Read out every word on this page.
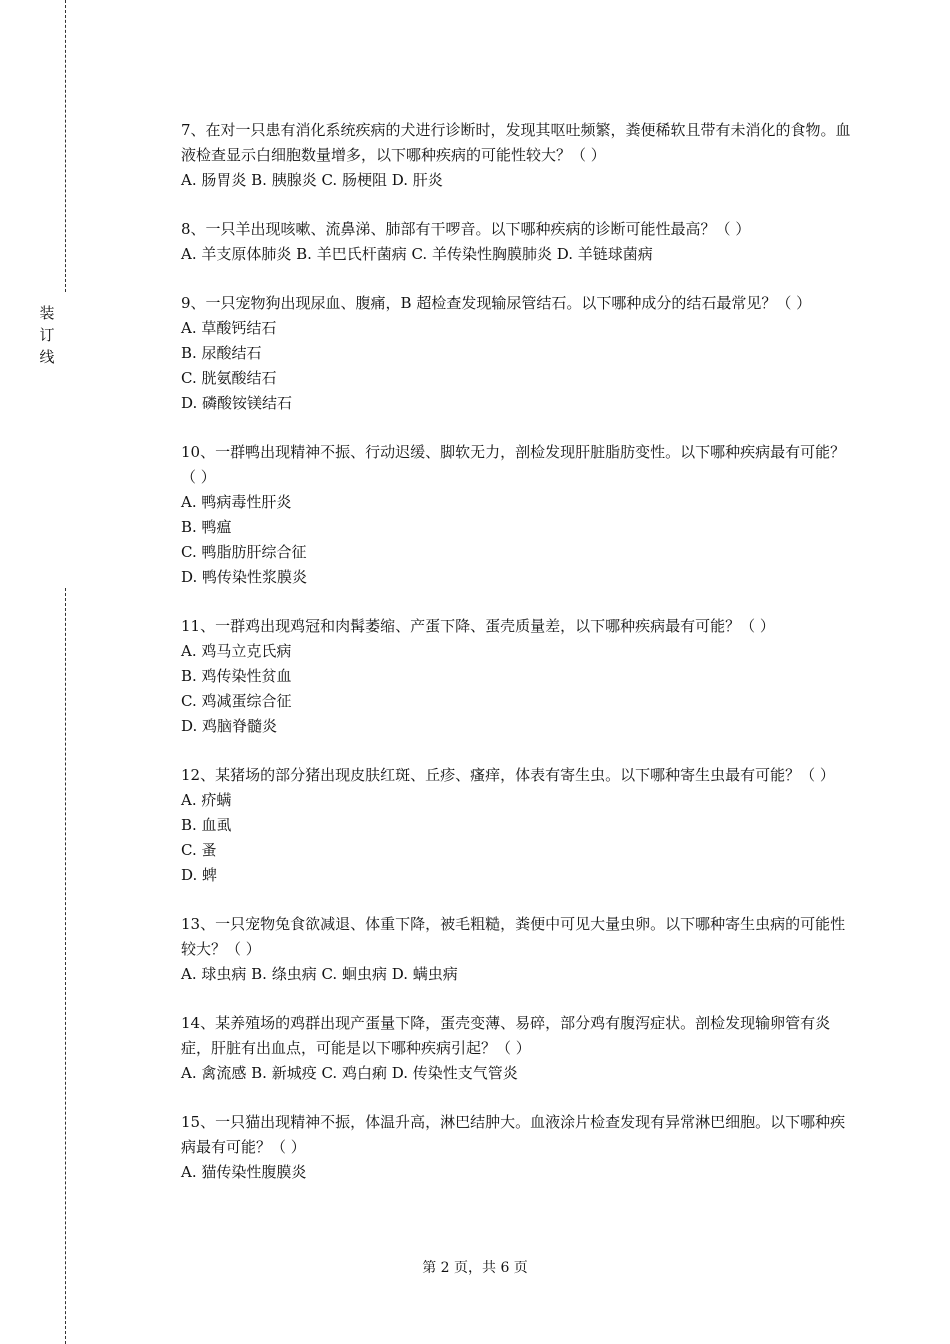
装
订
线

7、在对一只患有消化系统疾病的犬进行诊断时，发现其呕吐频繁，粪便稀软且带有未消化的食物。血液检查显示白细胞数量增多，以下哪种疾病的可能性较大？（ ）

A. 肠胃炎 B. 胰腺炎 C. 肠梗阻 D. 肝炎

8、一只羊出现咳嗽、流鼻涕、肺部有干啰音。以下哪种疾病的诊断可能性最高？（ ）

A. 羊支原体肺炎 B. 羊巴氏杆菌病 C. 羊传染性胸膜肺炎 D. 羊链球菌病

9、一只宠物狗出现尿血、腹痛，B 超检查发现输尿管结石。以下哪种成分的结石最常见？（ ）

A. 草酸钙结石

B. 尿酸结石

C. 胱氨酸结石

D. 磷酸铵镁结石

10、一群鸭出现精神不振、行动迟缓、脚软无力，剖检发现肝脏脂肪变性。以下哪种疾病最有可能？（ ）

A. 鸭病毒性肝炎

B. 鸭瘟

C. 鸭脂肪肝综合征

D. 鸭传染性浆膜炎

11、一群鸡出现鸡冠和肉髯萎缩、产蛋下降、蛋壳质量差，以下哪种疾病最有可能？（ ）

A. 鸡马立克氏病

B. 鸡传染性贫血

C. 鸡减蛋综合征

D. 鸡脑脊髓炎

12、某猪场的部分猪出现皮肤红斑、丘疹、瘙痒，体表有寄生虫。以下哪种寄生虫最有可能？（ ）

A. 疥螨

B. 血虱

C. 蚤

D. 蜱

13、一只宠物兔食欲减退、体重下降，被毛粗糙，粪便中可见大量虫卵。以下哪种寄生虫病的可能性较大？（ ）

A. 球虫病 B. 绦虫病 C. 蛔虫病 D. 螨虫病

14、某养殖场的鸡群出现产蛋量下降，蛋壳变薄、易碎，部分鸡有腹泻症状。剖检发现输卵管有炎症，肝脏有出血点，可能是以下哪种疾病引起？（ ）

A. 禽流感 B. 新城疫 C. 鸡白痢 D. 传染性支气管炎

15、一只猫出现精神不振，体温升高，淋巴结肿大。血液涂片检查发现有异常淋巴细胞。以下哪种疾病最有可能？（ ）

A. 猫传染性腹膜炎

第 2 页，共 6 页
